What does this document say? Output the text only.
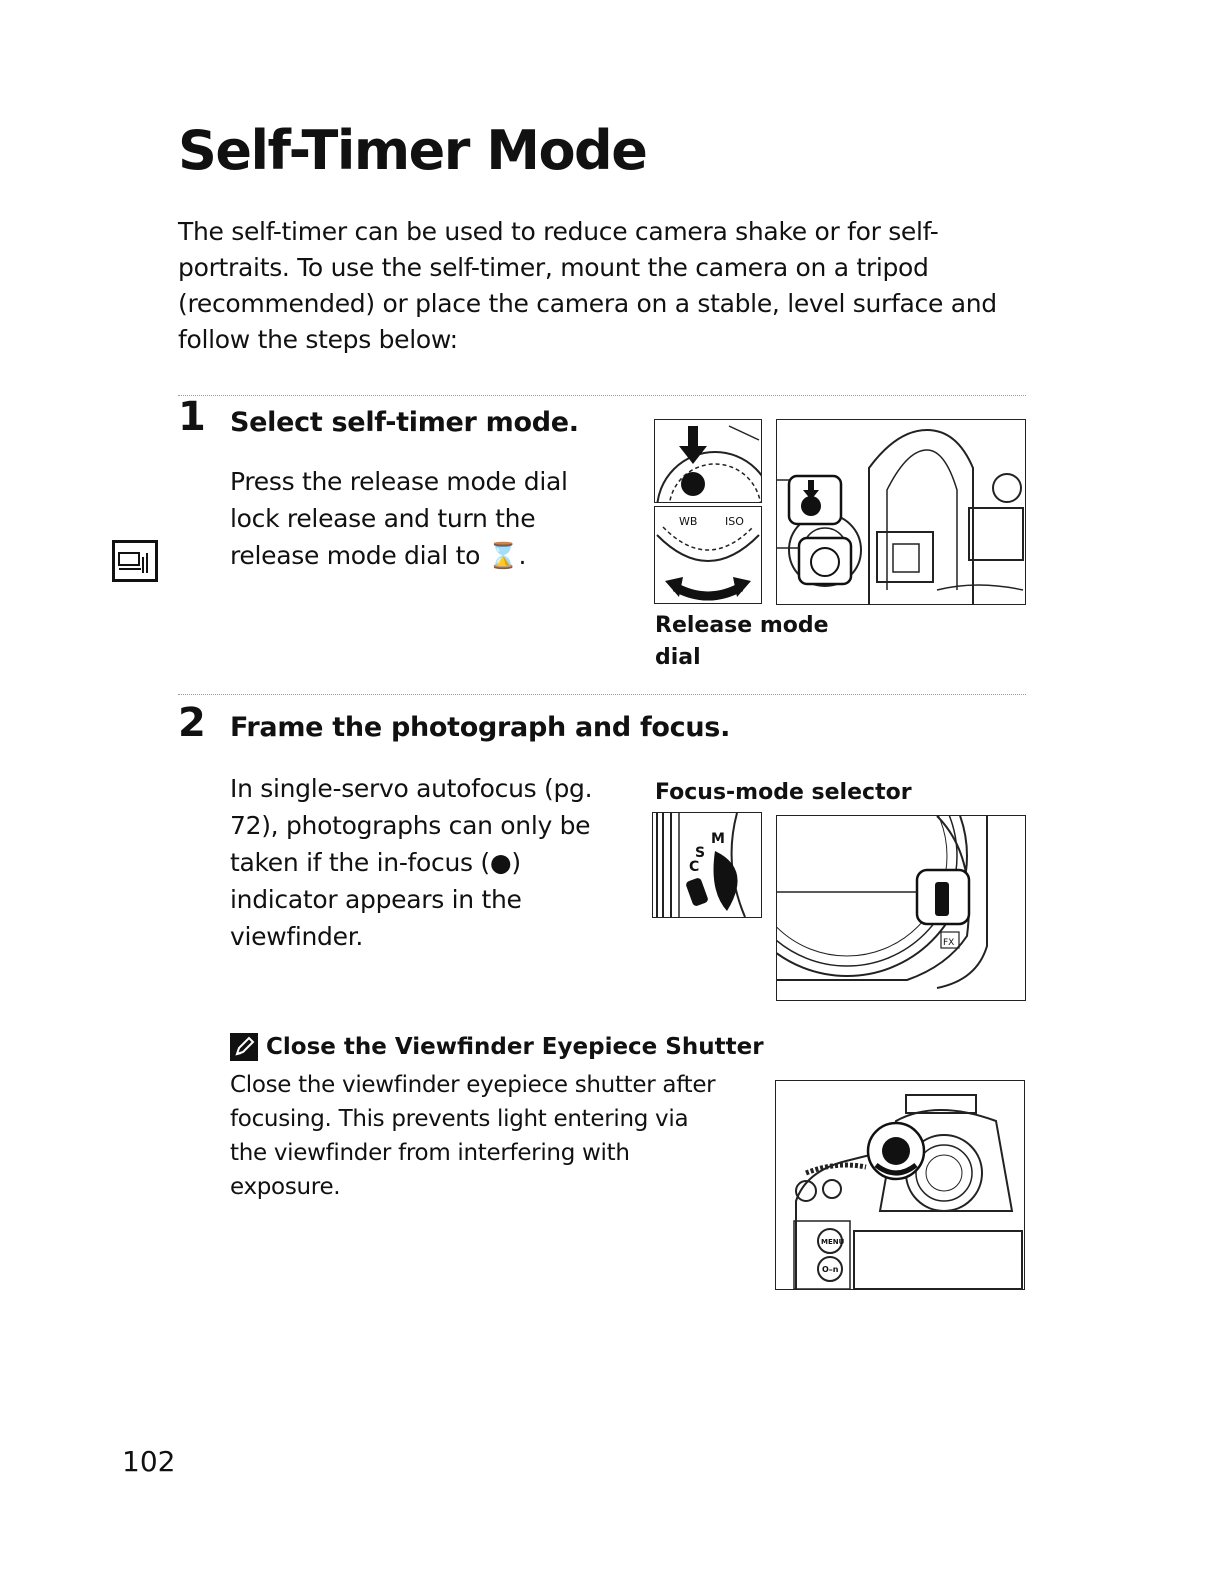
Self-Timer Mode
The self-timer can be used to reduce camera shake or for self-portraits. To use the self-timer, mount the camera on a tripod (recommended) or place the camera on a stable, level surface and follow the steps below:
1 Select self-timer mode.
Press the release mode dial lock release and turn the release mode dial to ⌛.
WB	ISO
Release mode dial
2 Frame the photograph and focus.
In single-servo autofocus (pg. 72), photographs can only be taken if the in-focus (●) indicator appears in the viewfinder.
Focus-mode selector
M
S
C
FX
Close the Viewfinder Eyepiece Shutter
Close the viewfinder eyepiece shutter after focusing. This prevents light entering via the viewfinder from interfering with exposure.
MENU
O–n
102
